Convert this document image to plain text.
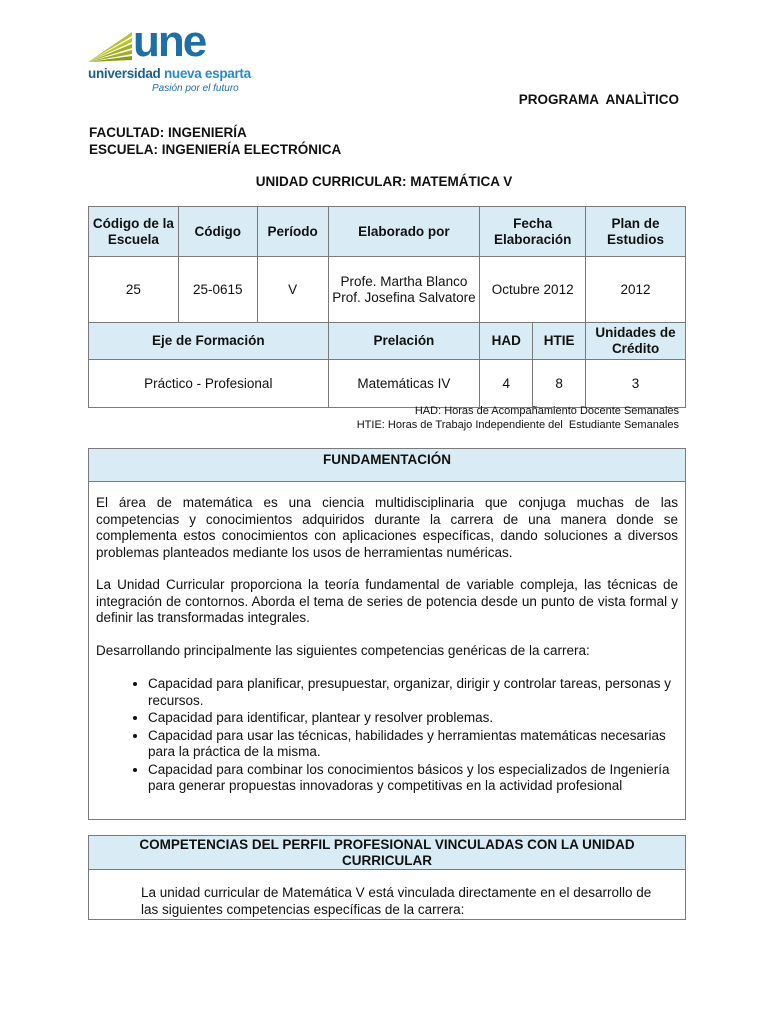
une
universidad nueva esparta
Pasión por el futuro
PROGRAMA  ANALÌTICO
FACULTAD: INGENIERÍA
ESCUELA: INGENIERÍA ELECTRÓNICA
UNIDAD CURRICULAR: MATEMÁTICA V
Código de la Escuela	Código	Período	Elaborado por	Fecha Elaboración		Plan de Estudios
25	25-0615	V	Profe. Martha Blanco Prof. Josefina Salvatore	Octubre 2012		2012
Eje de Formación			Prelación	HAD	HTIE	Unidades de Crédito
Práctico - Profesional			Matemáticas IV	4	8	3
HAD: Horas de Acompañamiento Docente Semanales
HTIE: Horas de Trabajo Independiente del  Estudiante Semanales
FUNDAMENTACIÓN
El área de matemática es una ciencia multidisciplinaria que conjuga muchas de las competencias y conocimientos adquiridos durante la carrera de una manera donde se complementa estos conocimientos con aplicaciones específicas, dando soluciones a diversos problemas planteados mediante los usos de herramientas numéricas.
La Unidad Curricular proporciona la teoría fundamental de variable compleja, las técnicas de integración de contornos. Aborda el tema de series de potencia desde un punto de vista formal y definir las transformadas integrales.
Desarrollando principalmente las siguientes competencias genéricas de la carrera:
• Capacidad para planificar, presupuestar, organizar, dirigir y controlar tareas, personas y recursos.
• Capacidad para identificar, plantear y resolver problemas.
• Capacidad para usar las técnicas, habilidades y herramientas matemáticas necesarias para la práctica de la misma.
• Capacidad para combinar los conocimientos básicos y los especializados de Ingeniería para generar propuestas innovadoras y competitivas en la actividad profesional
COMPETENCIAS DEL PERFIL PROFESIONAL VINCULADAS CON LA UNIDAD CURRICULAR
La unidad curricular de Matemática V está vinculada directamente en el desarrollo de las siguientes competencias específicas de la carrera:
